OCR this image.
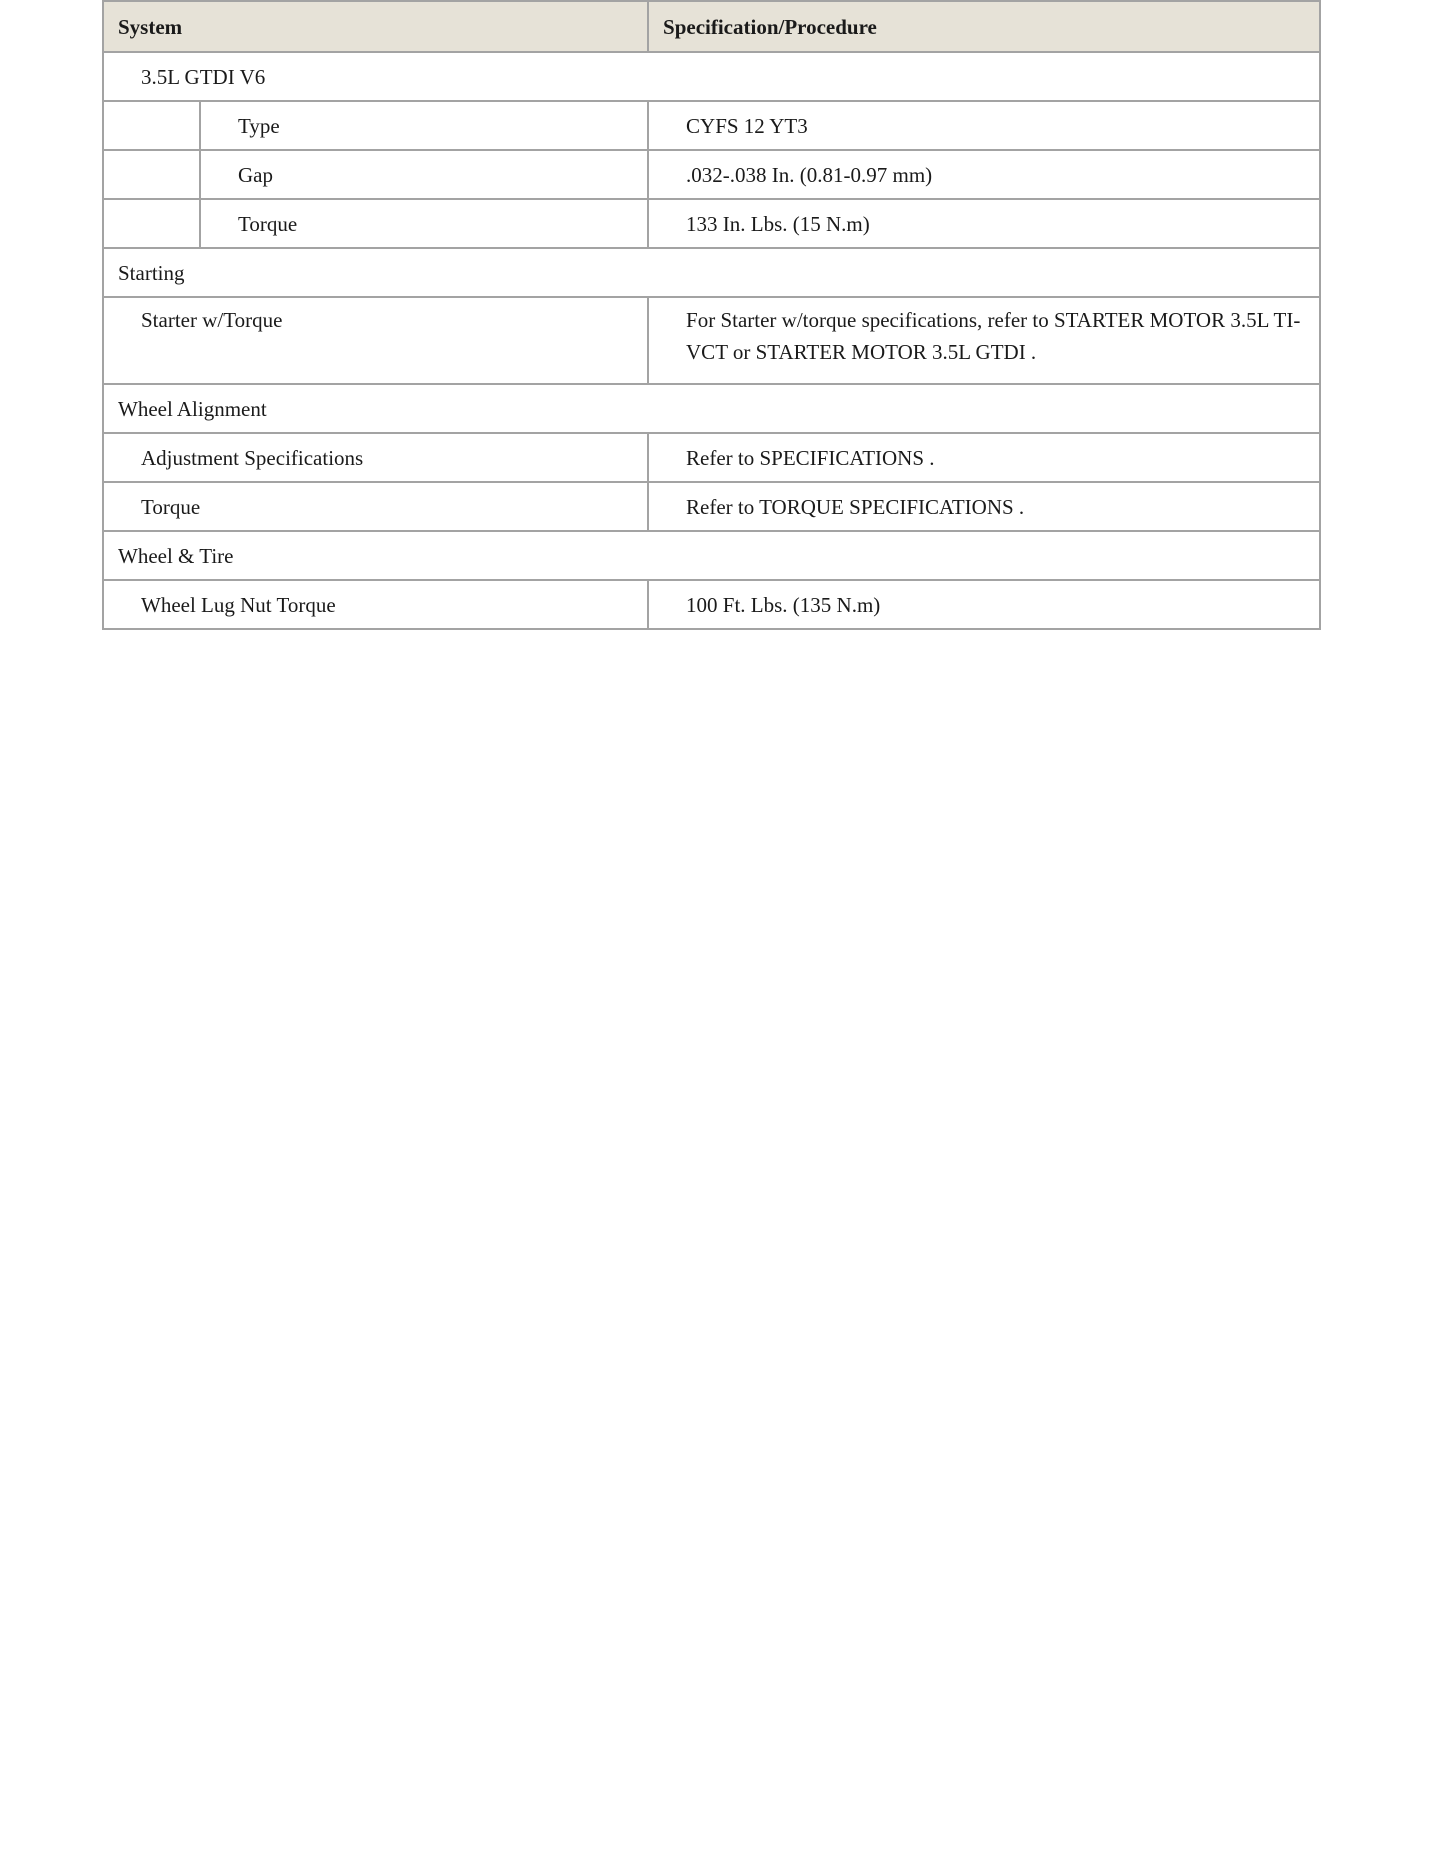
System		Specification/Procedure
3.5L GTDI V6		
	Type	CYFS 12 YT3
	Gap	.032-.038 In. (0.81-0.97 mm)
	Torque	133 In. Lbs. (15 N.m)
Starting		
Starter w/Torque		For Starter w/torque specifications, refer to STARTER MOTOR 3.5L TI-VCT or STARTER MOTOR 3.5L GTDI .
Wheel Alignment		
Adjustment Specifications		Refer to SPECIFICATIONS .
Torque		Refer to TORQUE SPECIFICATIONS .
Wheel & Tire		
Wheel Lug Nut Torque		100 Ft. Lbs. (135 N.m)
